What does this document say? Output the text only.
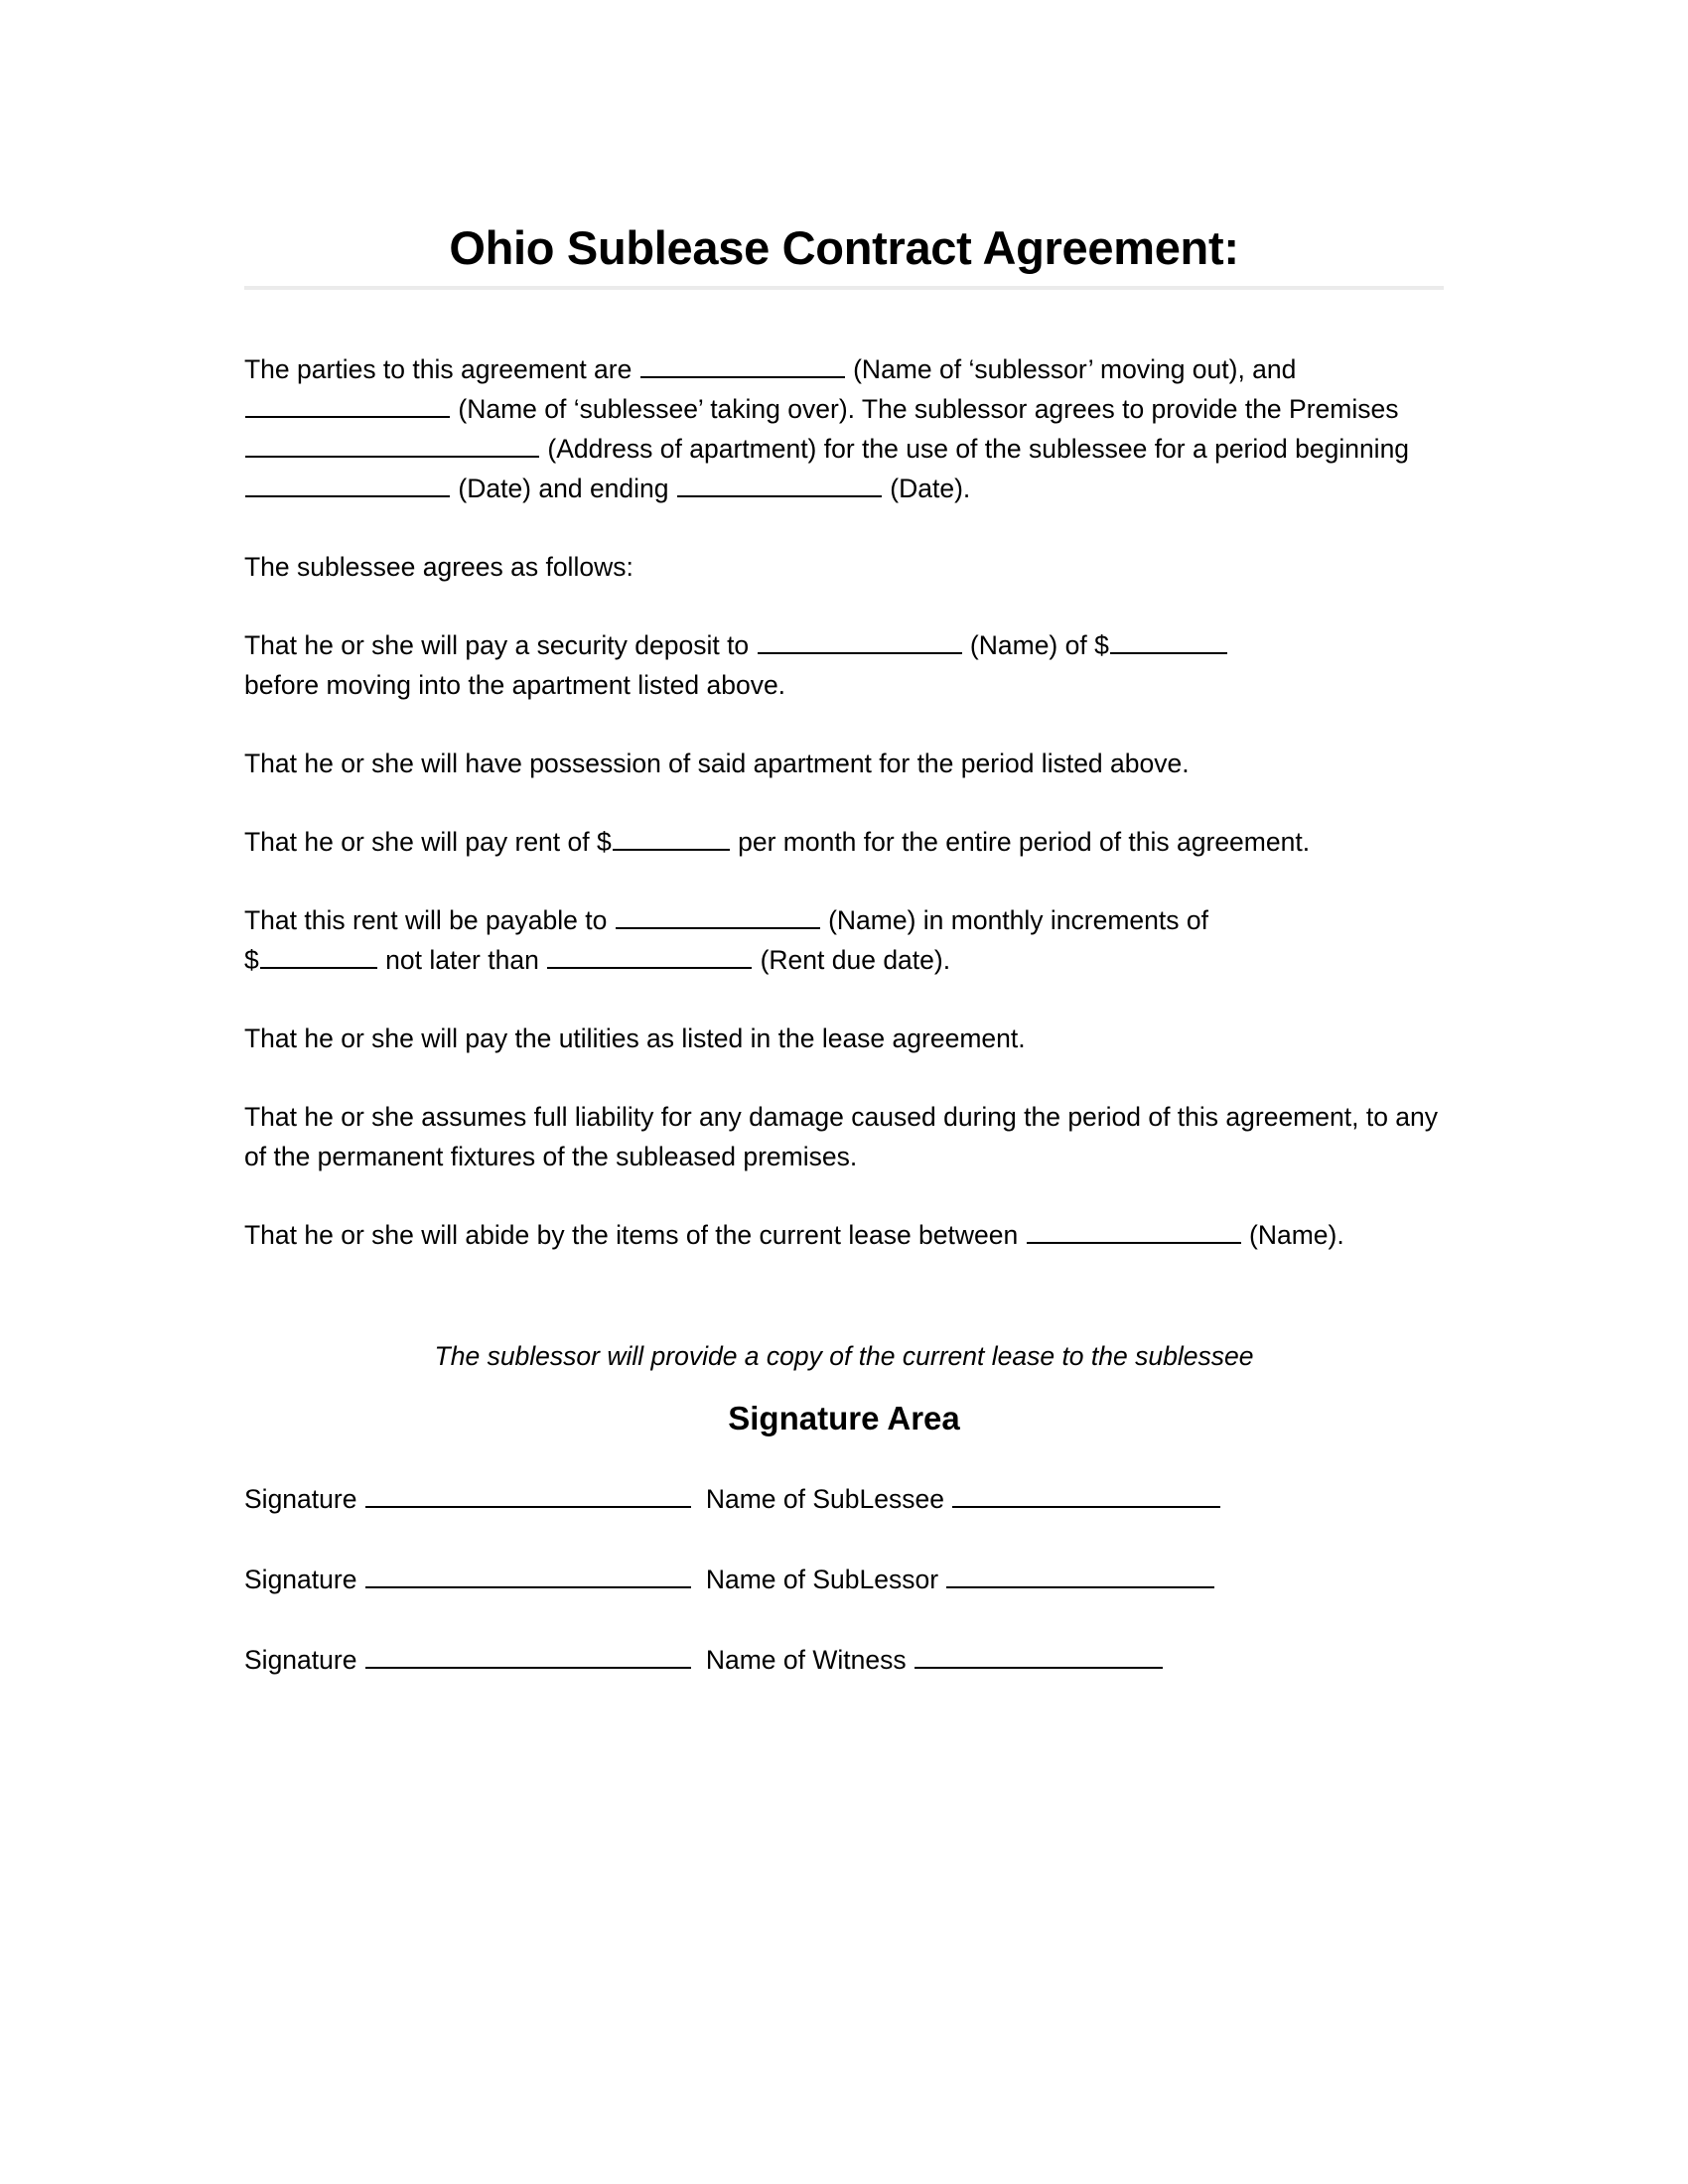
Ohio Sublease Contract Agreement:

The parties to this agreement are	(Name of ‘sublessor’ moving out), and  (Name of ‘sublessee’ taking over). The sublessor agrees to provide the Premises  (Address of apartment) for the use of the sublessee for a period beginning  (Date) and ending	(Date).

The sublessee agrees as follows:

That he or she will pay a security deposit to	(Name) of $
before moving into the apartment listed above.

That he or she will have possession of said apartment for the period listed above.

That he or she will pay rent of $	per month for the entire period of this agreement.

That this rent will be payable to	(Name) in monthly increments of
$	not later than	(Rent due date).

That he or she will pay the utilities as listed in the lease agreement.

That he or she assumes full liability for any damage caused during the period of this agreement, to any of the permanent fixtures of the subleased premises.

That he or she will abide by the items of the current lease between	(Name).

The sublessor will provide a copy of the current lease to the sublessee
Signature Area
Signature	Name of SubLessee
Signature	Name of SubLessor
Signature	Name of Witness
